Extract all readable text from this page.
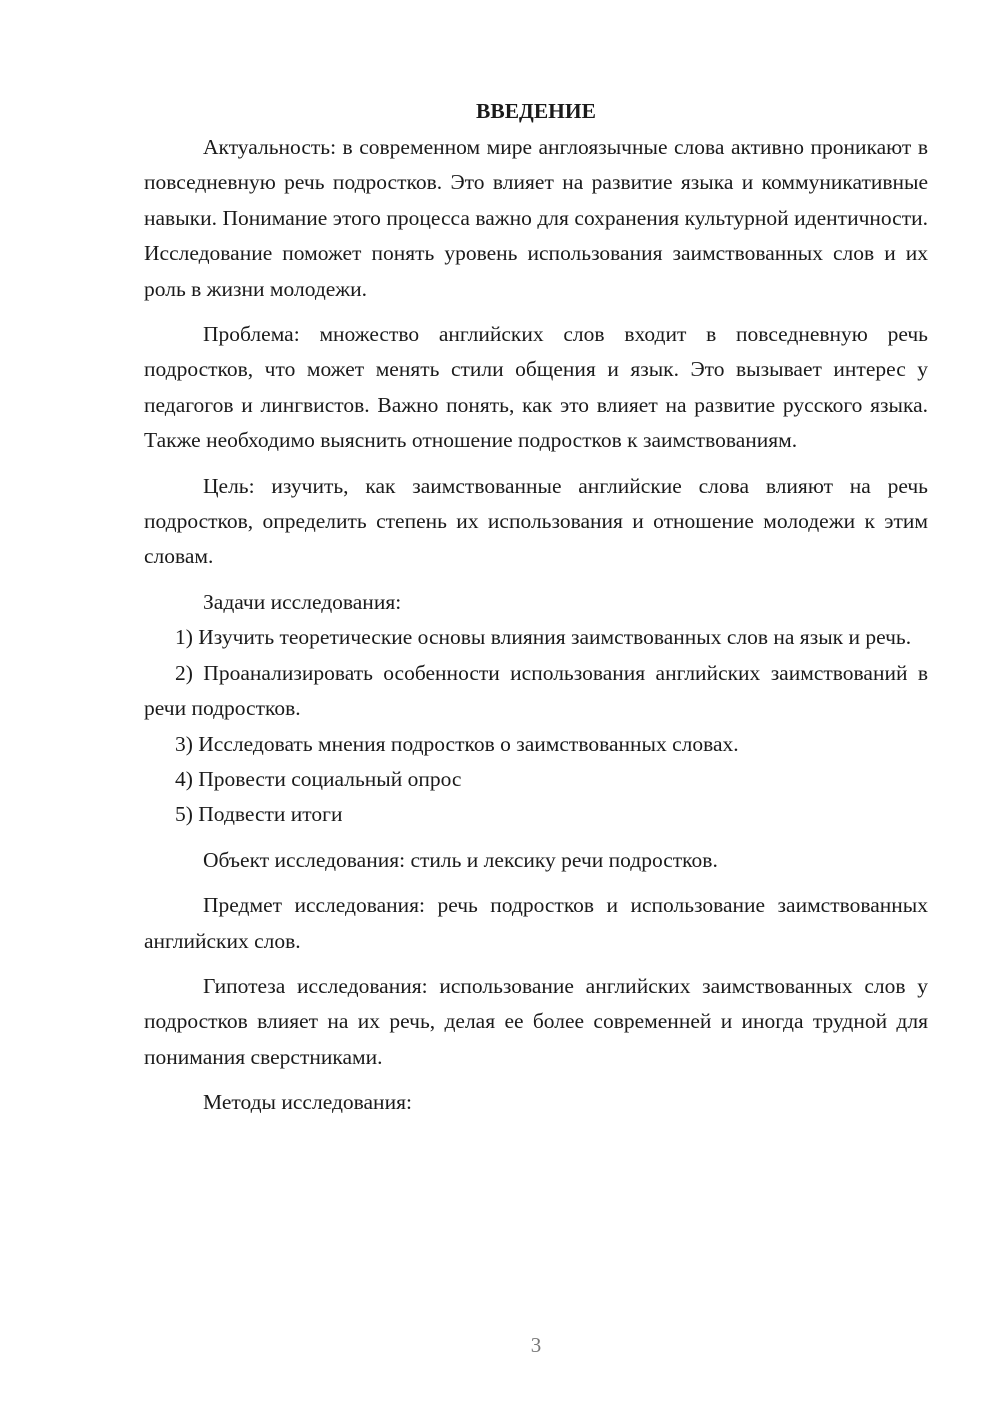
ВВЕДЕНИЕ

Актуальность: в современном мире англоязычные слова активно проникают в повседневную речь подростков. Это влияет на развитие языка и коммуникативные навыки. Понимание этого процесса важно для сохранения культурной идентичности. Исследование поможет понять уровень использования заимствованных слов и их роль в жизни молодежи.

Проблема: множество английских слов входит в повседневную речь подростков, что может менять стили общения и язык. Это вызывает интерес у педагогов и лингвистов. Важно понять, как это влияет на развитие русского языка. Также необходимо выяснить отношение подростков к заимствованиям.

Цель: изучить, как заимствованные английские слова влияют на речь подростков, определить степень их использования и отношение молодежи к этим словам.

Задачи исследования:

1) Изучить теоретические основы влияния заимствованных слов на язык и речь.

2) Проанализировать особенности использования английских заимствований в речи подростков.

3) Исследовать мнения подростков о заимствованных словах.

4) Провести социальный опрос

5) Подвести итоги

Объект исследования: стиль и лексику речи подростков.

Предмет исследования: речь подростков и использование заимствованных английских слов.

Гипотеза исследования: использование английских заимствованных слов у подростков влияет на их речь, делая ее более современней и иногда трудной для понимания сверстниками.

Методы исследования:

3
